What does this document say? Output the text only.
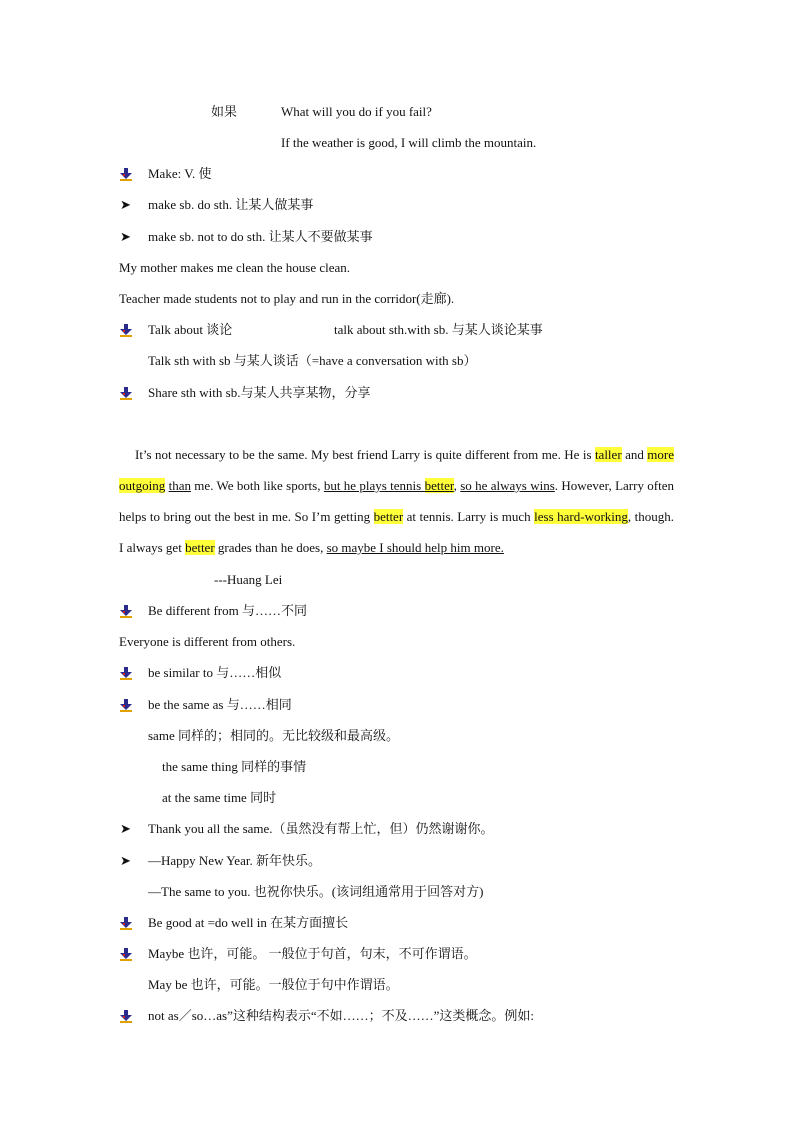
如果	What will you do if you fail?
If the weather is good, I will climb the mountain.
Make: V. 使
➤ make sb. do sth. 让某人做某事
➤ make sb. not to do sth. 让某人不要做某事
My mother makes me clean the house clean.
Teacher made students not to play and run in the corridor(走廊).
Talk about 谈论	talk about sth.with sb. 与某人谈论某事
Talk sth with sb 与某人谈话（=have a conversation with sb）
Share sth with sb.与某人共享某物，分享
It’s not necessary to be the same. My best friend Larry is quite different from me. He is taller and more outgoing than me. We both like sports, but he plays tennis better, so he always wins. However, Larry often helps to bring out the best in me. So I’m getting better at tennis. Larry is much less hard-working, though. I always get better grades than he does, so maybe I should help him more.
---Huang Lei
Be different from 与……不同
Everyone is different from others.
be similar to 与……相似
be the same as 与……相同
same 同样的；相同的。无比较级和最高级。
the same thing 同样的事情
at the same time 同时
➤ Thank you all the same.（虽然没有帮上忙，但）仍然谢谢你。
➤ —Happy New Year. 新年快乐。
—The same to you. 也祝你快乐。(该词组通常用于回答对方)
Be good at =do well in 在某方面擅长
Maybe 也许，可能。 一般位于句首，句末，不可作谓语。
May be 也许，可能。一般位于句中作谓语。
not as／so…as”这种结构表示“不如……；不及……”这类概念。例如:
